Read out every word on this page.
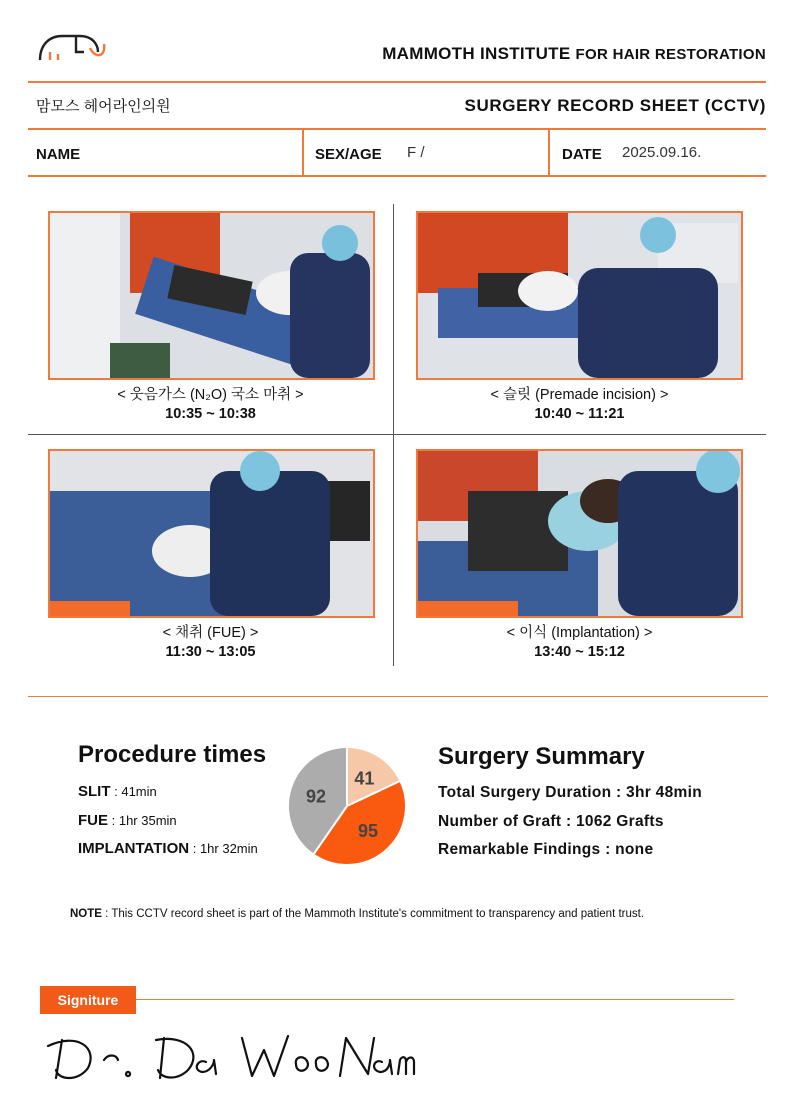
MAMMOTH INSTITUTE FOR HAIR RESTORATION
맘모스 헤어라인의원	SURGERY RECORD SHEET (CCTV)
NAME	SEX/AGE F /	DATE 2025.09.16.
< 웃음가스 (N₂O) 국소 마취 >
10:35 ~ 10:38
< 슬릿 (Premade incision) >
10:40 ~ 11:21
< 채취 (FUE) >
11:30 ~ 13:05
< 이식 (Implantation) >
13:40 ~ 15:12
Procedure times
SLIT : 41min
FUE : 1hr 35min
IMPLANTATION : 1hr 32min
41
95
92
Surgery Summary
Total Surgery Duration : 3hr 48min
Number of Graft : 1062 Grafts
Remarkable Findings : none
NOTE : This CCTV record sheet is part of the Mammoth Institute's commitment to transparency and patient trust.
Signiture
